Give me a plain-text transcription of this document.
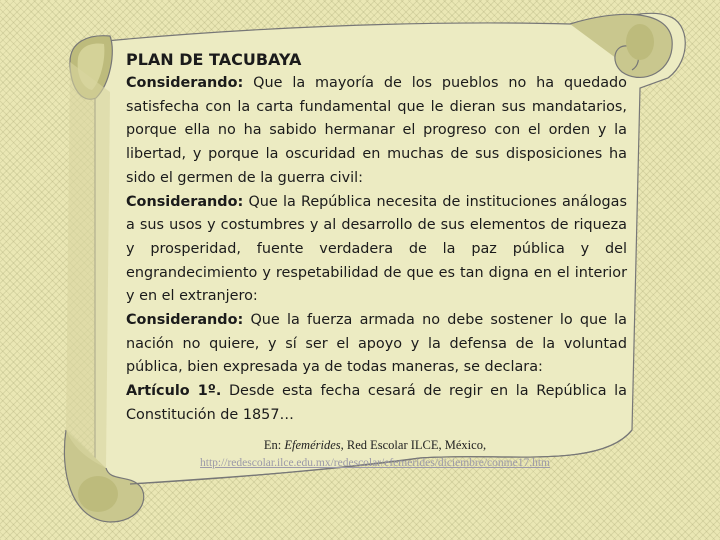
PLAN DE TACUBAYA

Considerando: Que la mayoría de los pueblos no ha quedado satisfecha con la carta fundamental que le dieran sus mandatarios, porque ella no ha sabido hermanar el progreso con el orden y la libertad, y porque la oscuridad en muchas de sus disposiciones ha sido el germen de la guerra civil:
Considerando: Que la República necesita de instituciones análogas a sus usos y costumbres y al desarrollo de sus elementos de riqueza y prosperidad, fuente verdadera de la paz pública y del engrandecimiento y respetabilidad de que es tan digna en el interior y en el extranjero:
Considerando: Que la fuerza armada no debe sostener lo que la nación no quiere, y sí ser el apoyo y la defensa de la voluntad pública, bien expresada ya de todas maneras, se declara:
Artículo 1º. Desde esta fecha cesará de regir en la República la Constitución de 1857…

En: Efemérides, Red Escolar ILCE, México,
http://redescolar.ilce.edu.mx/redescolar/efemerides/diciembre/conme17.htm
